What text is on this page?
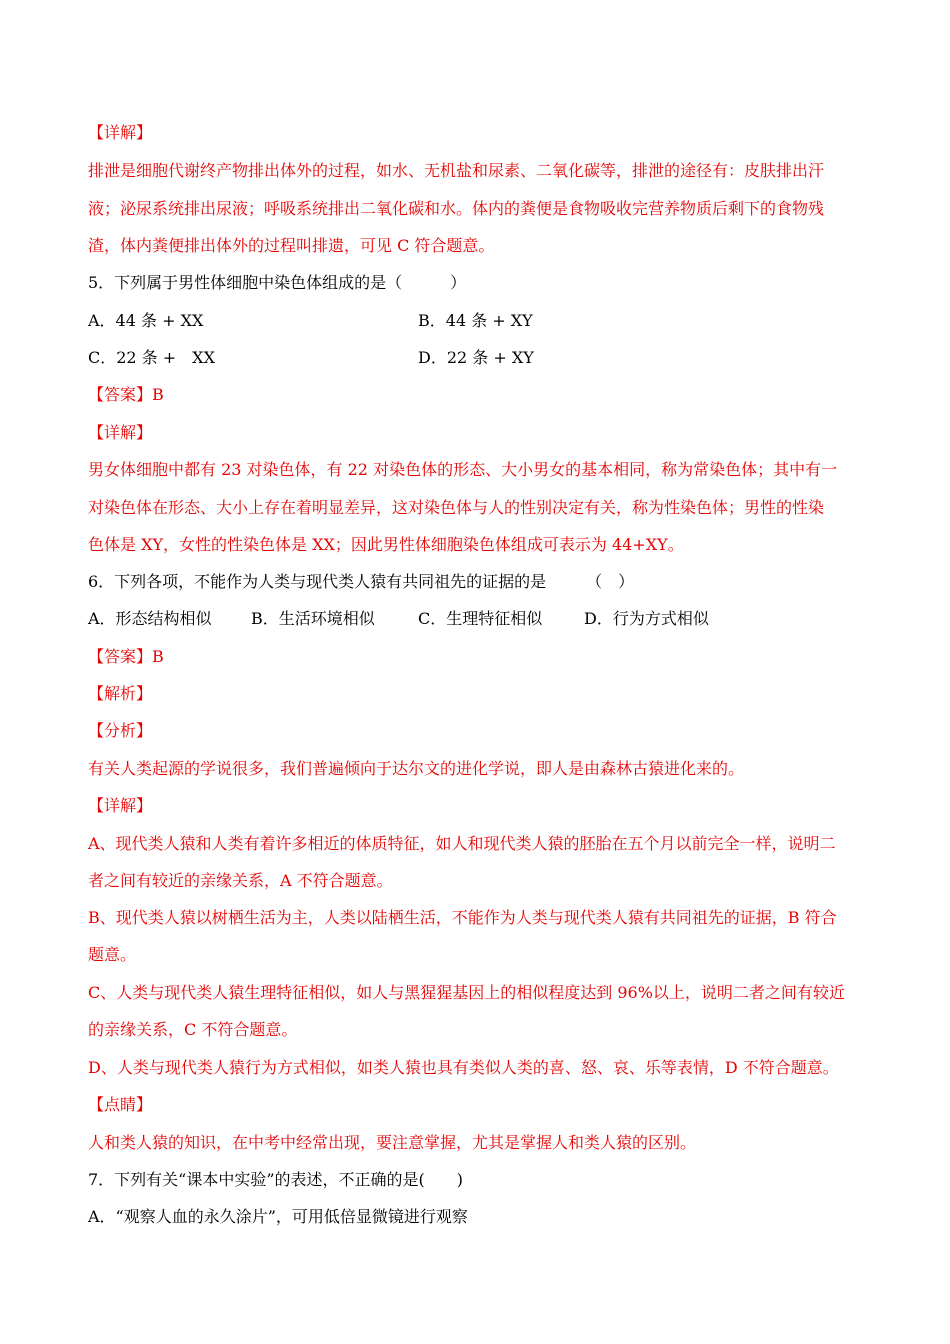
【详解】

排泄是细胞代谢终产物排出体外的过程，如水、无机盐和尿素、二氧化碳等，排泄的途径有：皮肤排出汗

液；泌尿系统排出尿液；呼吸系统排出二氧化碳和水。体内的粪便是食物吸收完营养物质后剩下的食物残

渣，体内粪便排出体外的过程叫排遗，可见 C 符合题意。

5．下列属于男性体细胞中染色体组成的是（　　　）

A．44 条 + XX	B．44 条 + XY

C．22 条 +　XX	D．22 条 + XY

【答案】B

【详解】

男女体细胞中都有 23 对染色体，有 22 对染色体的形态、大小男女的基本相同，称为常染色体；其中有一

对染色体在形态、大小上存在着明显差异，这对染色体与人的性别决定有关，称为性染色体；男性的性染

色体是 XY，女性的性染色体是 XX；因此男性体细胞染色体组成可表示为 44+XY。

6．下列各项，不能作为人类与现代类人猿有共同祖先的证据的是　　　（　）

A．形态结构相似 B．生活环境相似	C．生理特征相似	D．行为方式相似

【答案】B

【解析】

【分析】

有关人类起源的学说很多，我们普遍倾向于达尔文的进化学说，即人是由森林古猿进化来的。

【详解】

A、现代类人猿和人类有着许多相近的体质特征，如人和现代类人猿的胚胎在五个月以前完全一样，说明二

者之间有较近的亲缘关系，A 不符合题意。

B、现代类人猿以树栖生活为主，人类以陆栖生活，不能作为人类与现代类人猿有共同祖先的证据，B 符合

题意。

C、人类与现代类人猿生理特征相似，如人与黑猩猩基因上的相似程度达到 96%以上，说明二者之间有较近

的亲缘关系，C 不符合题意。

D、人类与现代类人猿行为方式相似，如类人猿也具有类似人类的喜、怒、哀、乐等表情，D 不符合题意。

【点睛】

人和类人猿的知识，在中考中经常出现，要注意掌握，尤其是掌握人和类人猿的区别。

7．下列有关“课本中实验”的表述，不正确的是(　　)

A．“观察人血的永久涂片”，可用低倍显微镜进行观察
